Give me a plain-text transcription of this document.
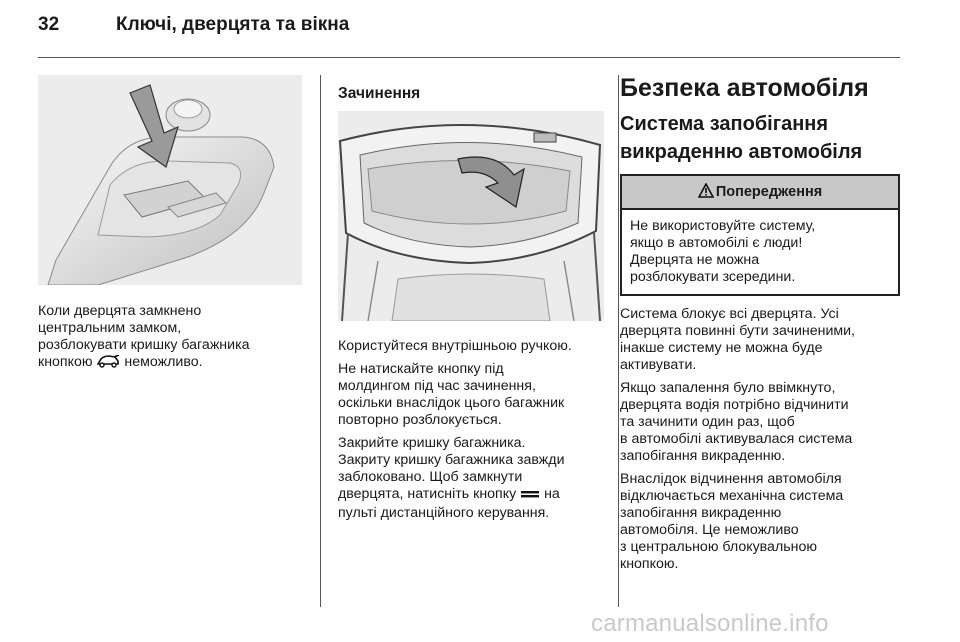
32	Ключі, дверцята та вікна
Коли дверцята замкнено
центральним замком,
розблокувати кришку багажника
кнопкою неможливо.
Зачинення
Користуйтеся внутрішньою ручкою.
Не натискайте кнопку під
молдингом під час зачинення,
оскільки внаслідок цього багажник
повторно розблокується.
Закрийте кришку багажника.
Закриту кришку багажника завжди
заблоковано. Щоб замкнути
дверцята, натисніть кнопку на
пульті дистанційного керування.
Безпека автомобіля
Система запобігання
викраденню автомобіля
Попередження
Не використовуйте систему,
якщо в автомобілі є люди!
Дверцята не можна
розблокувати зсередини.
Система блокує всі дверцята. Усі
дверцята повинні бути зачиненими,
інакше систему не можна буде
активувати.
Якщо запалення було ввімкнуто,
дверцята водія потрібно відчинити
та зачинити один раз, щоб
в автомобілі активувалася система
запобігання викраденню.
Внаслідок відчинення автомобіля
відключається механічна система
запобігання викраденню
автомобіля. Це неможливо
з центральною блокувальною
кнопкою.
carmanualsonline.info
